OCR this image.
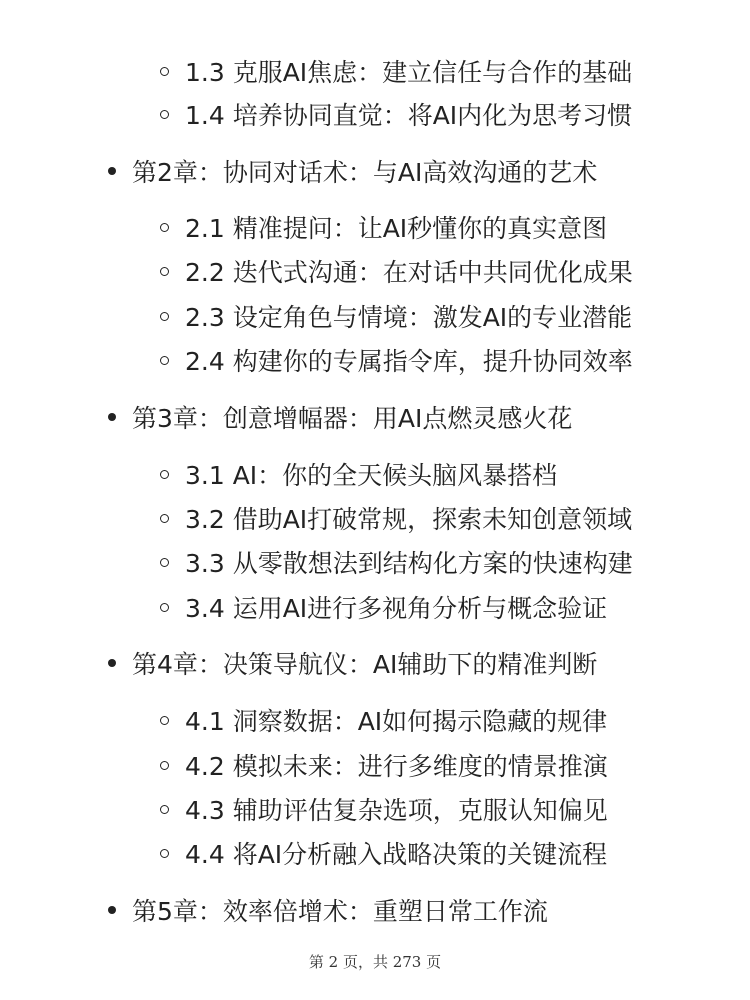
1.3 克服AI焦虑：建立信任与合作的基础
1.4 培养协同直觉：将AI内化为思考习惯
第2章：协同对话术：与AI高效沟通的艺术
2.1 精准提问：让AI秒懂你的真实意图
2.2 迭代式沟通：在对话中共同优化成果
2.3 设定角色与情境：激发AI的专业潜能
2.4 构建你的专属指令库，提升协同效率
第3章：创意增幅器：用AI点燃灵感火花
3.1 AI：你的全天候头脑风暴搭档
3.2 借助AI打破常规，探索未知创意领域
3.3 从零散想法到结构化方案的快速构建
3.4 运用AI进行多视角分析与概念验证
第4章：决策导航仪：AI辅助下的精准判断
4.1 洞察数据：AI如何揭示隐藏的规律
4.2 模拟未来：进行多维度的情景推演
4.3 辅助评估复杂选项，克服认知偏见
4.4 将AI分析融入战略决策的关键流程
第5章：效率倍增术：重塑日常工作流
第 2 页，共 273 页
